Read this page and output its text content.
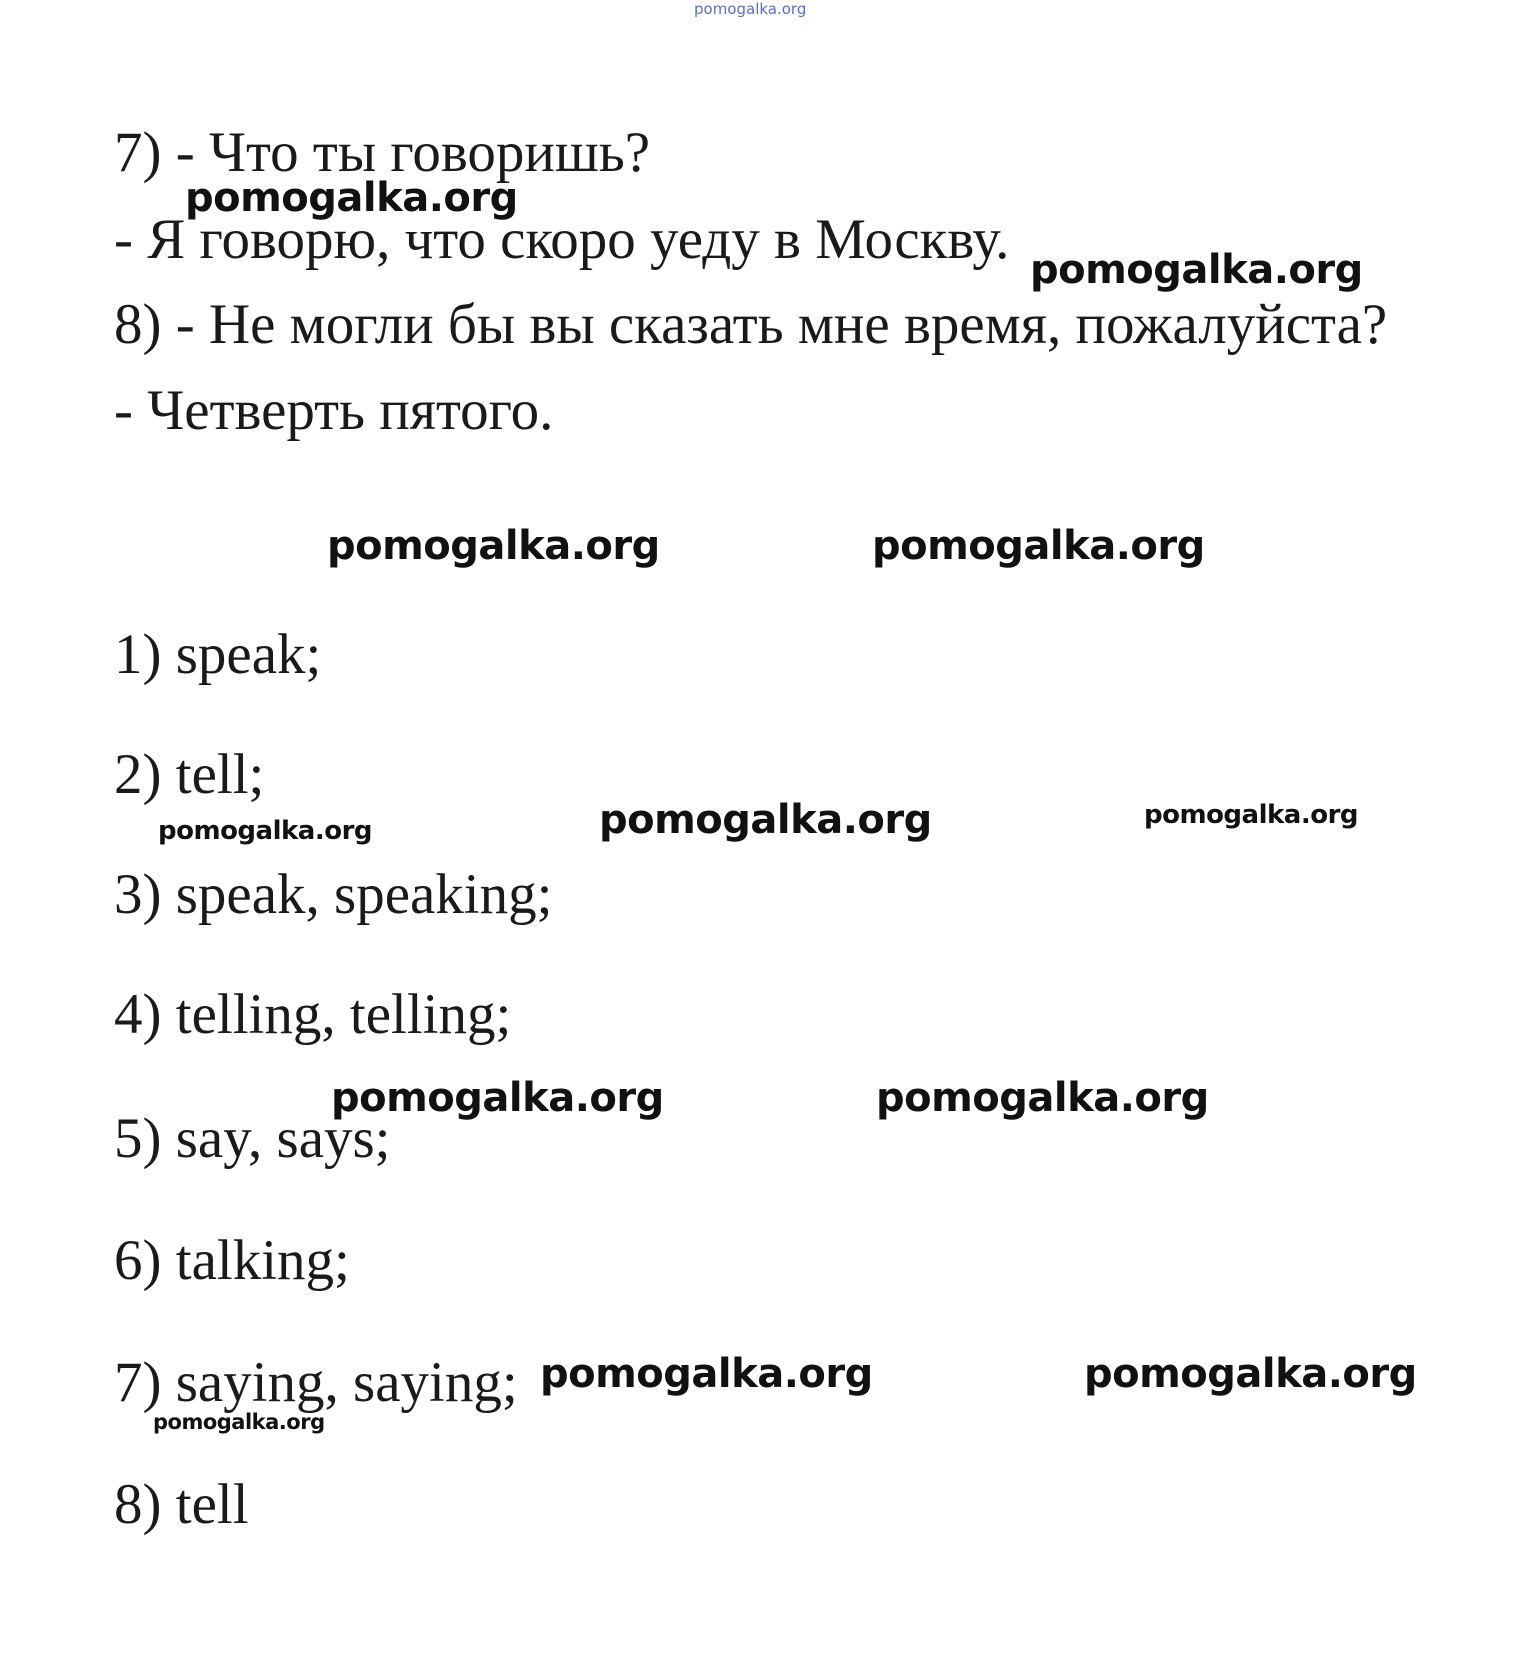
pomogalka.org

7) - Что ты говоришь?

- Я говорю, что скоро уеду в Москву.

8) - Не могли бы вы сказать мне время, пожалуйста?

- Четверть пятого.

1) speak;

2) tell;

3) speak, speaking;

4) telling, telling;

5) say, says;

6) talking;

7) saying, saying;

8) tell

pomogalka.org

pomogalka.org

pomogalka.org	pomogalka.org

pomogalka.org	pomogalka.org	pomogalka.org

pomogalka.org	pomogalka.org

pomogalka.org	pomogalka.org

pomogalka.org
